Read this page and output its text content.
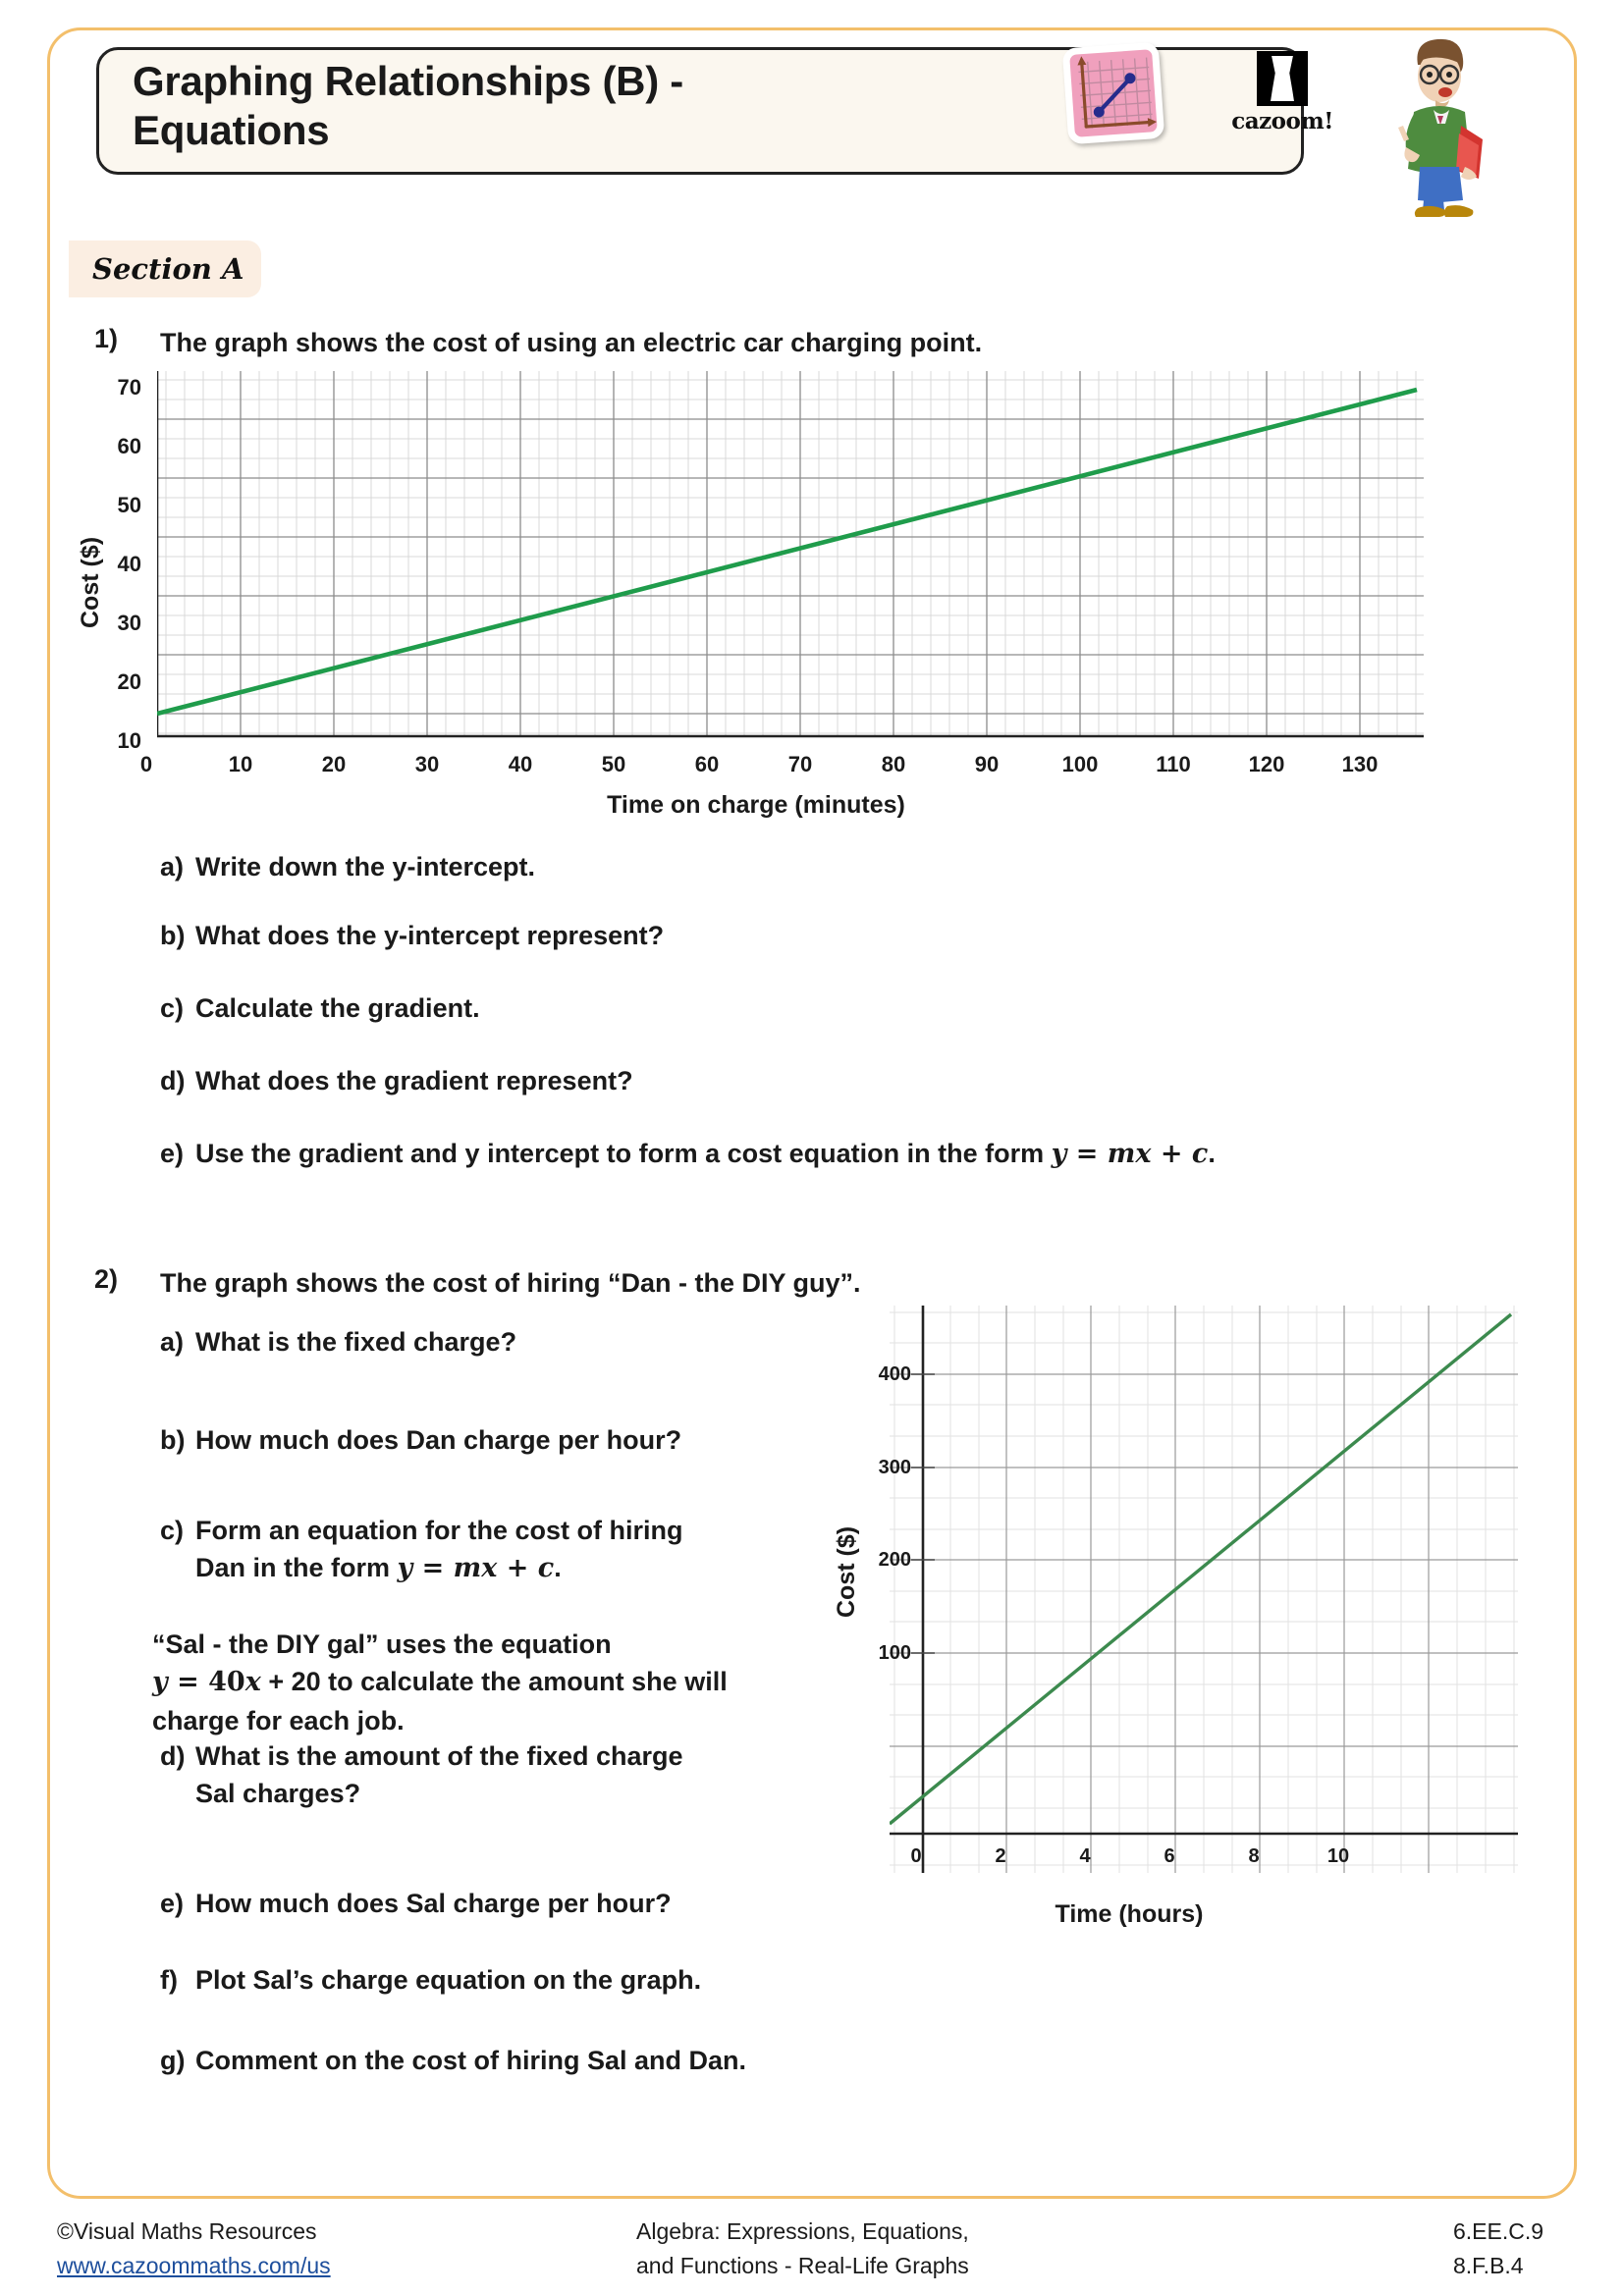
Graphing Relationships (B) - Equations	cazoom!
Section A
1) The graph shows the cost of using an electric car charging point.
10
20
30
40
50
60
70
0	10	20	30	40	50	60	70	80	90	100	110	120	130
Cost ($)
Time on charge (minutes)
a) Write down the y-intercept.
b) What does the y-intercept represent?
c) Calculate the gradient.
d) What does the gradient represent?
e) Use the gradient and y intercept to form a cost equation in the form y = mx + c.
2) The graph shows the cost of hiring “Dan - the DIY guy”.
a) What is the fixed charge?
b) How much does Dan charge per hour?
c) Form an equation for the cost of hiring
Dan in the form y = mx + c.
“Sal - the DIY gal” uses the equation
y = 40x + 20 to calculate the amount she will
charge for each job.
d) What is the amount of the fixed charge
Sal charges?
e) How much does Sal charge per hour?
f) Plot Sal’s charge equation on the graph.
g) Comment on the cost of hiring Sal and Dan.
100
200
300
400
0	2	4	6	8	10
Cost ($)
Time (hours)
©Visual Maths Resources
www.cazoommaths.com/us
Algebra: Expressions, Equations,
and Functions - Real-Life Graphs
6.EE.C.9
8.F.B.4
